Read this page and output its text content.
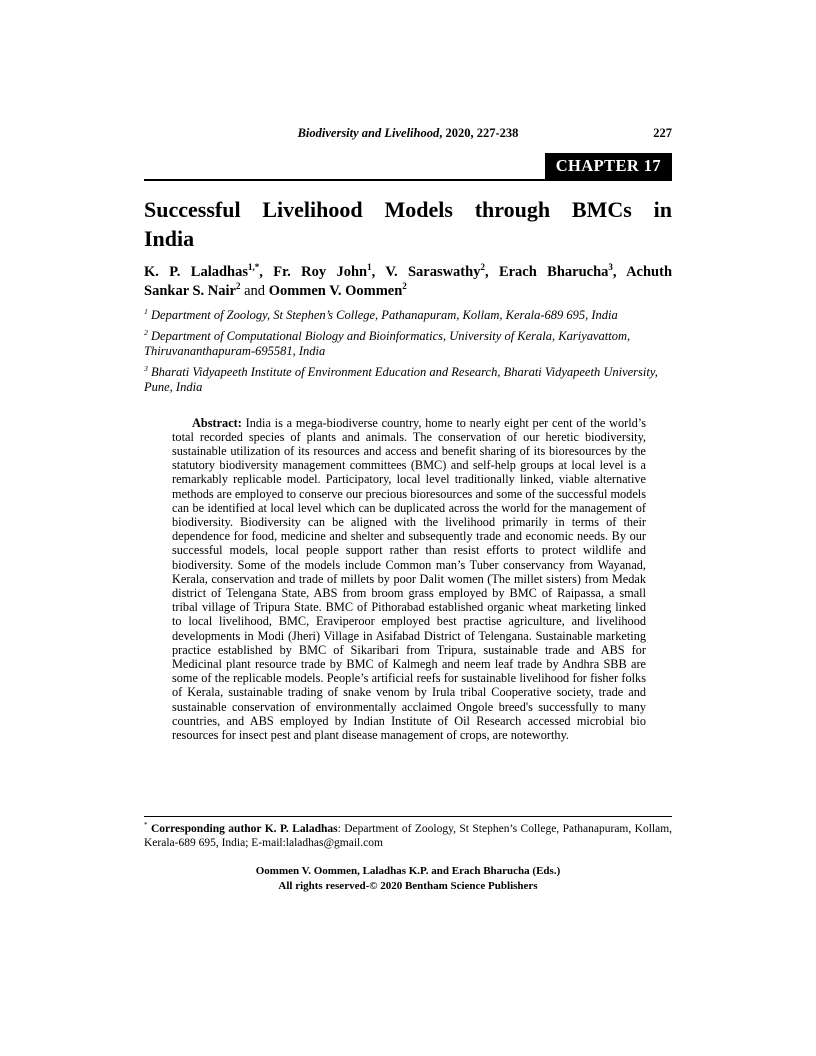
Biodiversity and Livelihood, 2020, 227-238	227
CHAPTER 17
Successful Livelihood Models through BMCs in
India
K. P. Laladhas$^{1,*}$, Fr. Roy John$^1$, V. Saraswathy$^2$, Erach Bharucha$^3$, Achuth
Sankar S. Nair$^2$ and Oommen V. Oommen$^2$

$^1$ Department of Zoology, St Stephen’s College, Pathanapuram, Kollam, Kerala-689 695, India

$^2$ Department of Computational Biology and Bioinformatics, University of Kerala, Kariyavattom, Thiruvananthapuram-695581, India

$^3$ Bharati Vidyapeeth Institute of Environment Education and Research, Bharati Vidyapeeth University, Pune, India

Abstract: India is a mega-biodiverse country, home to nearly eight per cent of the world’s total recorded species of plants and animals. The conservation of our heretic biodiversity, sustainable utilization of its resources and access and benefit sharing of its bioresources by the statutory biodiversity management committees (BMC) and self-help groups at local level is a remarkably replicable model. Participatory, local level traditionally linked, viable alternative methods are employed to conserve our precious bioresources and some of the successful models can be identified at local level which can be duplicated across the world for the management of biodiversity. Biodiversity can be aligned with the livelihood primarily in terms of their dependence for food, medicine and shelter and subsequently trade and economic needs. By our successful models, local people support rather than resist efforts to protect wildlife and biodiversity. Some of the models include Common man’s Tuber conservancy from Wayanad, Kerala, conservation and trade of millets by poor Dalit women (The millet sisters) from Medak district of Telengana State, ABS from broom grass employed by BMC of Raipassa, a small tribal village of Tripura State. BMC of Pithorabad established organic wheat marketing linked to local livelihood, BMC, Eraviperoor employed best practise agriculture, and livelihood developments in Modi (Jheri) Village in Asifabad District of Telengana. Sustainable marketing practice established by BMC of Sikaribari from Tripura, sustainable trade and ABS for Medicinal plant resource trade by BMC of Kalmegh and neem leaf trade by Andhra SBB are some of the replicable models. People’s artificial reefs for sustainable livelihood for fisher folks of Kerala, sustainable trading of snake venom by Irula tribal Cooperative society, trade and sustainable conservation of environmentally acclaimed Ongole breed's successfully to many countries, and ABS employed by Indian Institute of Oil Research accessed microbial bio resources for insect pest and plant disease management of crops, are noteworthy.

* Corresponding author K. P. Laladhas: Department of Zoology, St Stephen’s College, Pathanapuram, Kollam, Kerala-689 695, India; E-mail:laladhas@gmail.com
Oommen V. Oommen, Laladhas K.P. and Erach Bharucha (Eds.)
All rights reserved-© 2020 Bentham Science Publishers
